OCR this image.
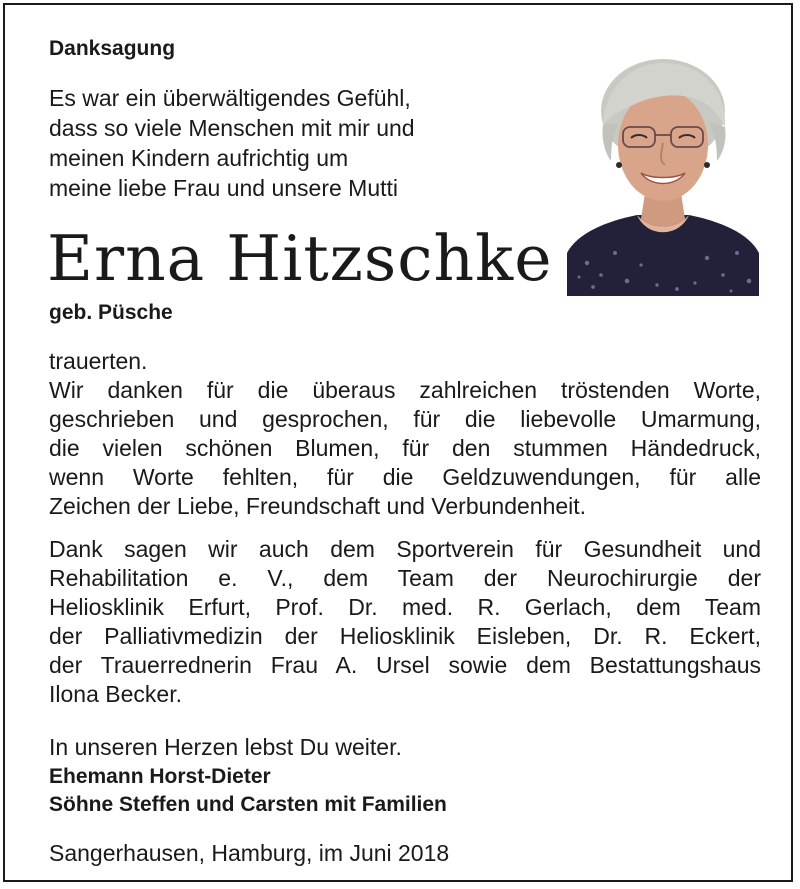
Danksagung
Es war ein überwältigendes Gefühl,
dass so viele Menschen mit mir und
meinen Kindern aufrichtig um
meine liebe Frau und unsere Mutti
Erna Hitzschke
geb. Püsche
trauerten.
Wir danken für die überaus zahlreichen tröstenden Worte,
geschrieben und gesprochen, für die liebevolle Umarmung,
die vielen schönen Blumen, für den stummen Händedruck,
wenn Worte fehlten, für die Geldzuwendungen, für alle
Zeichen der Liebe, Freundschaft und Verbundenheit.
Dank sagen wir auch dem Sportverein für Gesundheit und
Rehabilitation e. V., dem Team der Neurochirurgie der
Heliosklinik Erfurt, Prof. Dr. med. R. Gerlach, dem Team
der Palliativmedizin der Heliosklinik Eisleben, Dr. R. Eckert,
der Trauerrednerin Frau A. Ursel sowie dem Bestattungshaus
Ilona Becker.
In unseren Herzen lebst Du weiter.
Ehemann Horst-Dieter
Söhne Steffen und Carsten mit Familien
Sangerhausen, Hamburg, im Juni 2018
